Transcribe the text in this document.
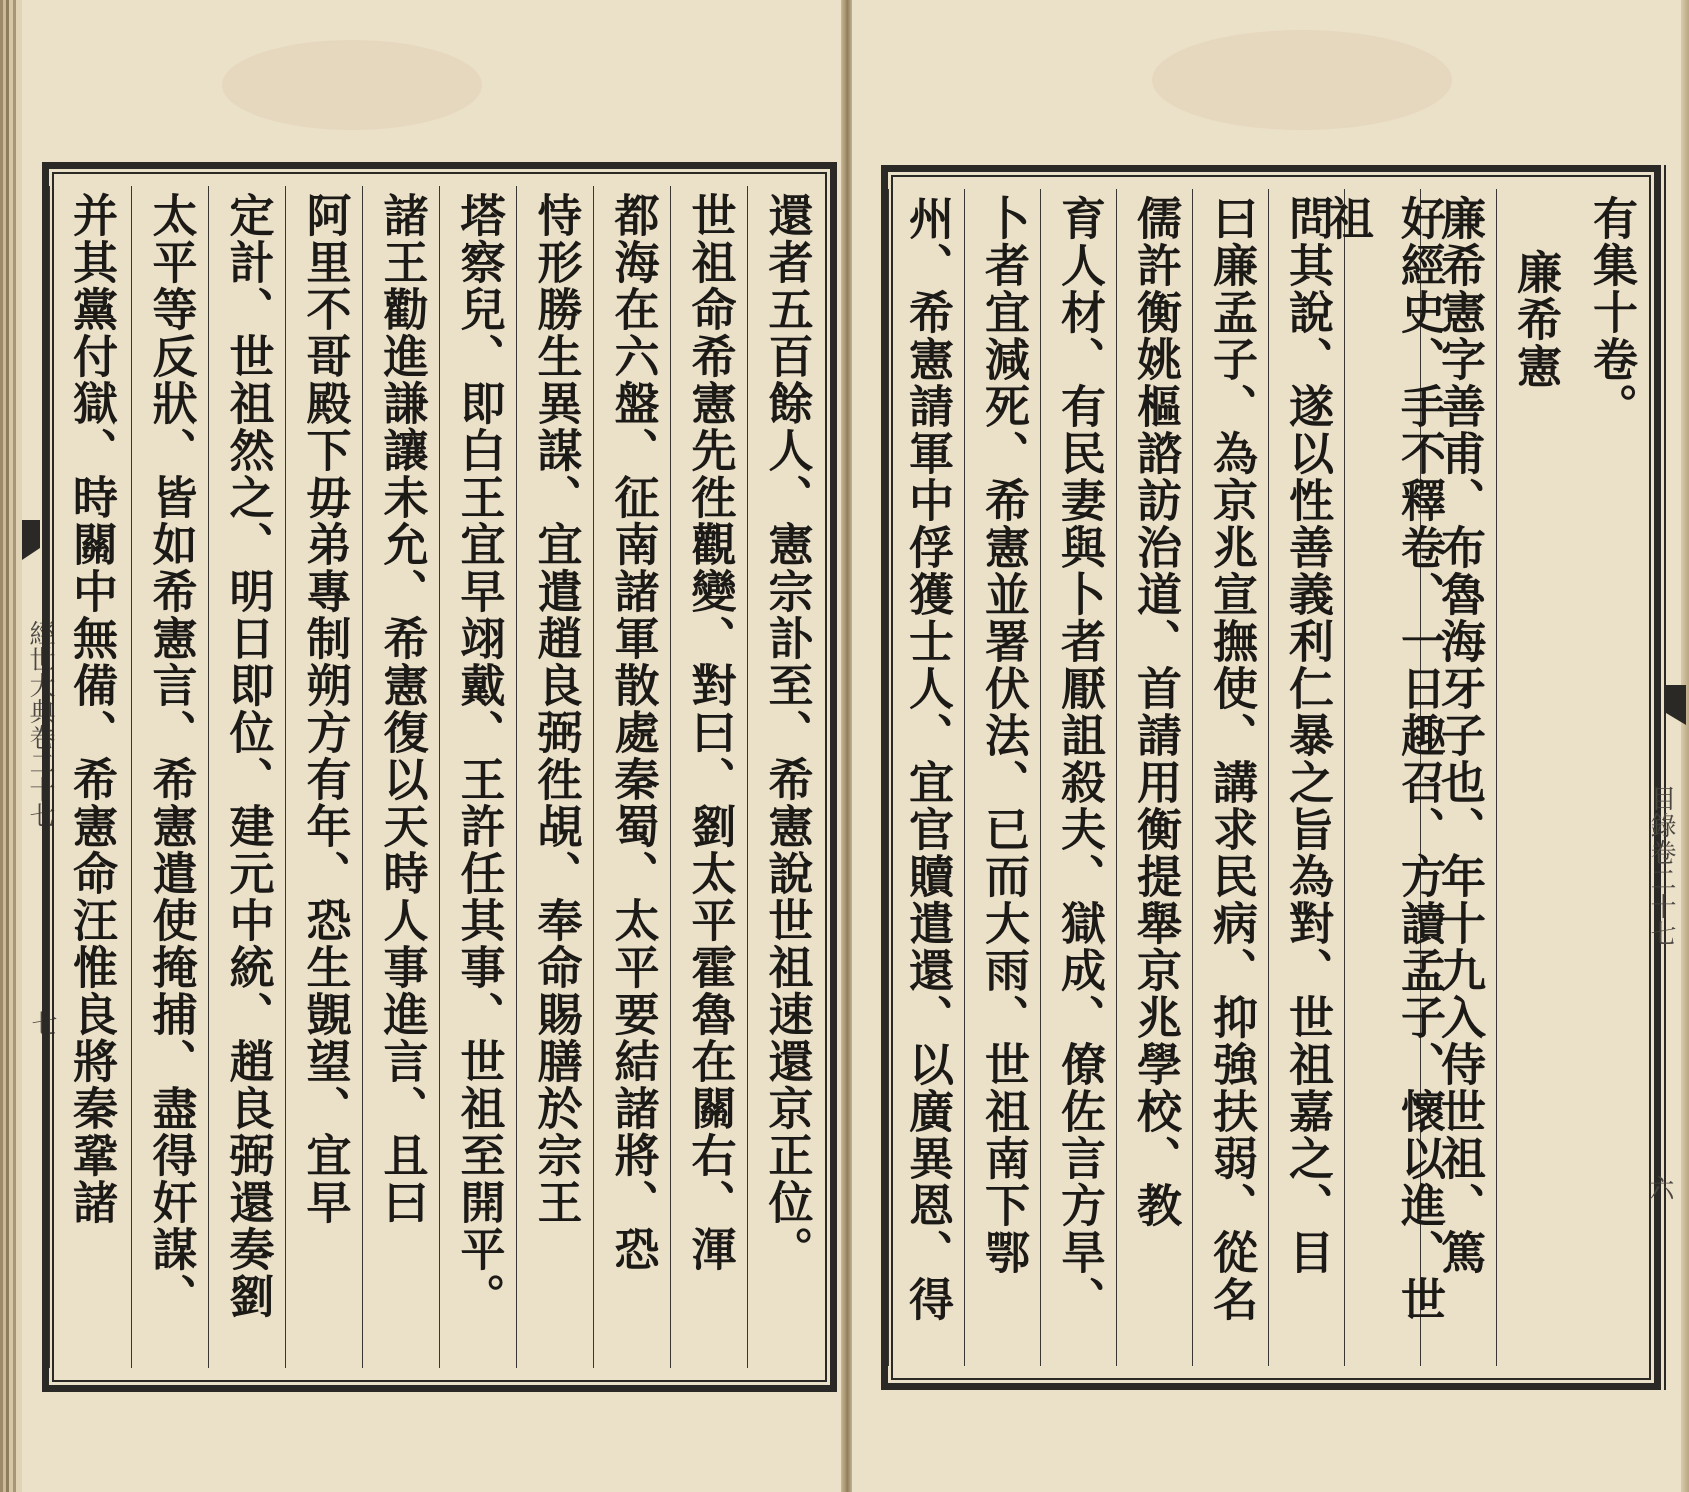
經世大典卷二十七
七	還者五百餘人、憲宗訃至、希憲說世祖速還京正位。
世祖命希憲先徃觀變、對曰、劉太平霍魯在關右、渾
都海在六盤、征南諸軍散處秦蜀、太平要結諸將、恐
恃形勝生異謀、宜遣趙良弼徃覘、奉命賜膳於宗王
塔察兒、即白王宜早翊戴、王許任其事、世祖至開平。
諸王勸進謙讓未允、希憲復以天時人事進言、且曰
阿里不哥殿下毋弟專制朔方有年、恐生覬望、宜早
定計、世祖然之、明日即位、建元中統、趙良弼還奏劉
太平等反狀、皆如希憲言、希憲遣使掩捕、盡得奸謀、
并其黨付獄、時關中無備、希憲命汪惟良將秦鞏諸	有集十卷。
廉希憲
廉希憲字善甫、布魯海牙子也、年十九入侍世祖、篤
好經史、手不釋卷、一日趣召、方讀孟子、懷以進、世祖
問其說、遂以性善義利仁暴之旨為對、世祖嘉之、目
曰廉孟子、為京兆宣撫使、講求民病、抑強扶弱、從名
儒許衡姚樞諮訪治道、首請用衡提舉京兆學校、教
育人材、有民妻與卜者厭詛殺夫、獄成、僚佐言方旱、
卜者宜減死、希憲並署伏法、已而大雨、世祖南下鄂
州、希憲請軍中俘獲士人、宜官贖遣還、以廣異恩、得	目錄卷二十七
六
